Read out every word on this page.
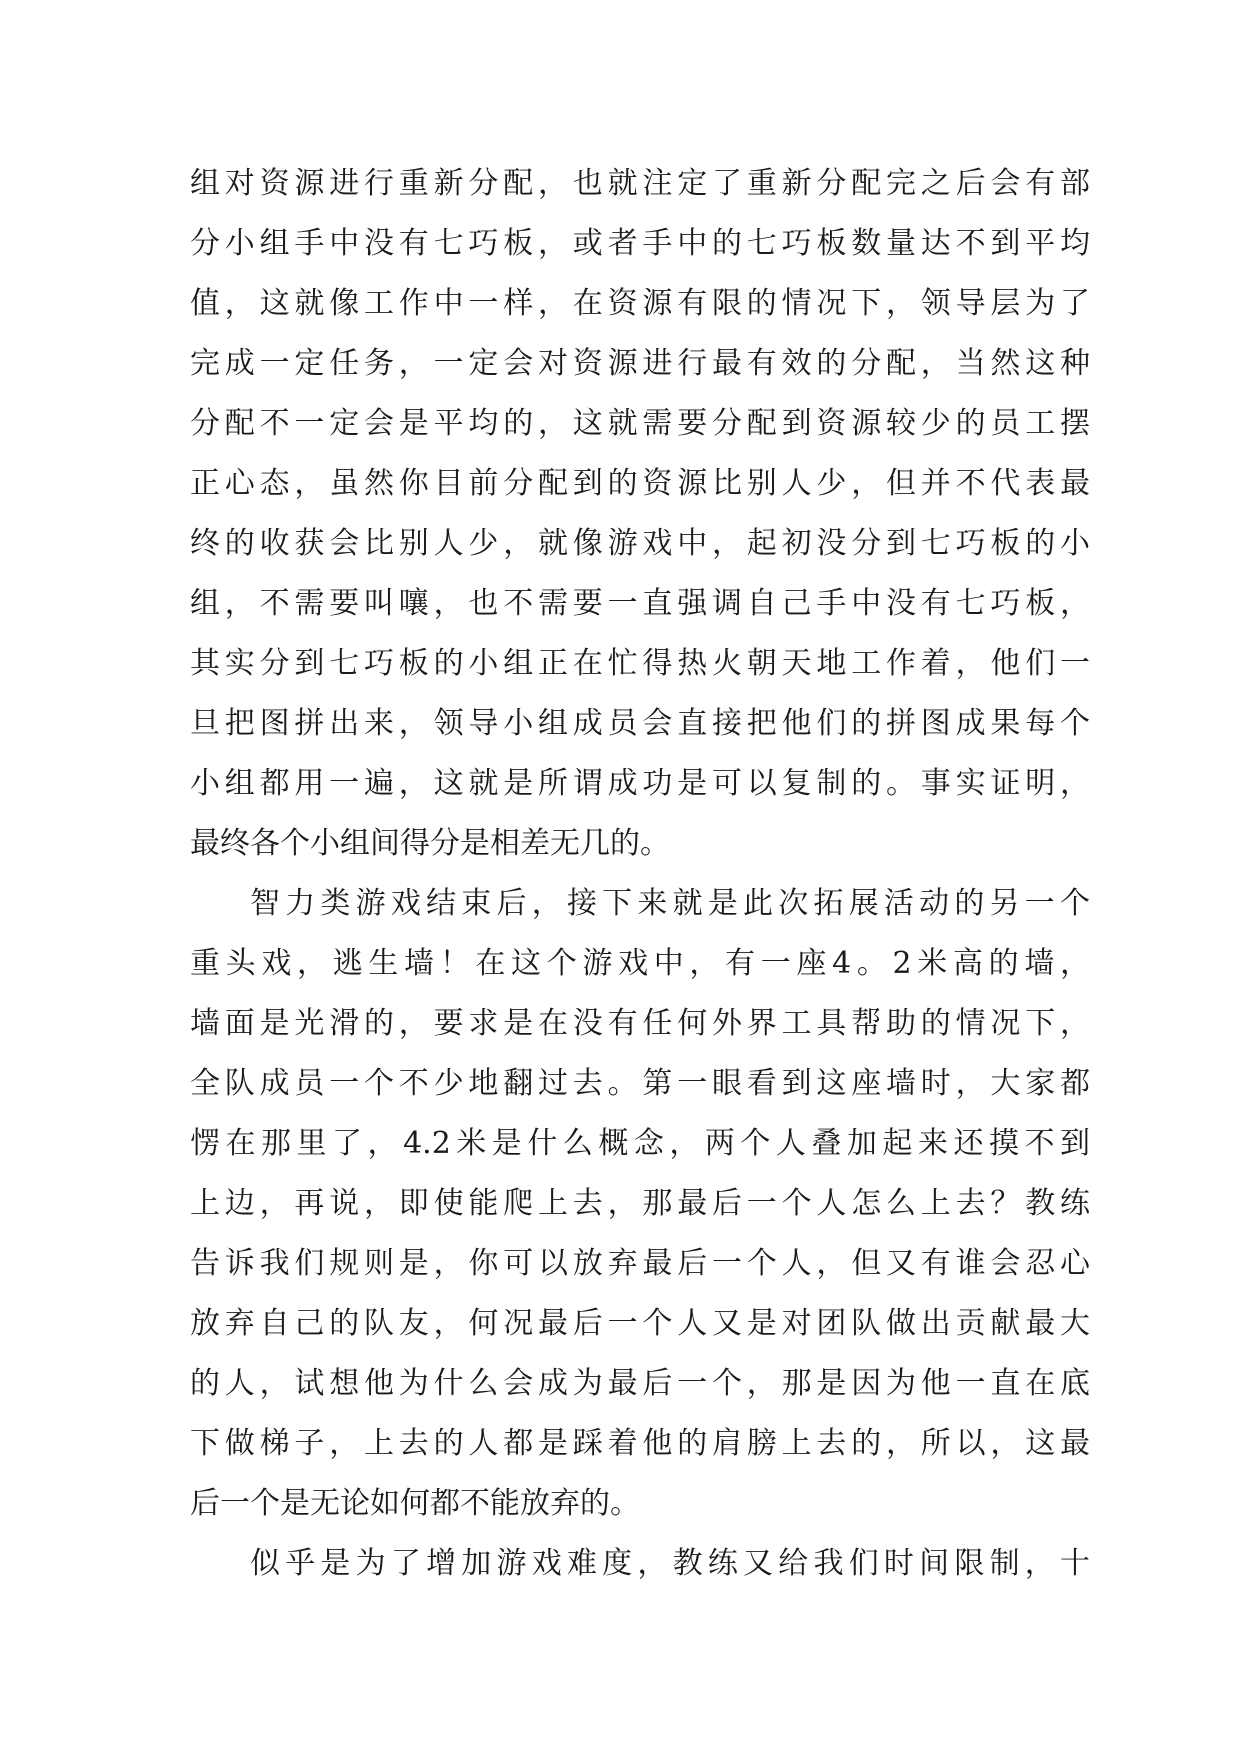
组对资源进行重新分配，也就注定了重新分配完之后会有部
分小组手中没有七巧板，或者手中的七巧板数量达不到平均
值，这就像工作中一样，在资源有限的情况下，领导层为了
完成一定任务，一定会对资源进行最有效的分配，当然这种
分配不一定会是平均的，这就需要分配到资源较少的员工摆
正心态，虽然你目前分配到的资源比别人少，但并不代表最
终的收获会比别人少，就像游戏中，起初没分到七巧板的小
组，不需要叫嚷，也不需要一直强调自己手中没有七巧板，
其实分到七巧板的小组正在忙得热火朝天地工作着，他们一
旦把图拼出来，领导小组成员会直接把他们的拼图成果每个
小组都用一遍，这就是所谓成功是可以复制的。事实证明，
最终各个小组间得分是相差无几的。
智力类游戏结束后，接下来就是此次拓展活动的另一个
重头戏，逃生墙！在这个游戏中，有一座4。2米高的墙，
墙面是光滑的，要求是在没有任何外界工具帮助的情况下，
全队成员一个不少地翻过去。第一眼看到这座墙时，大家都
愣在那里了，4.2米是什么概念，两个人叠加起来还摸不到
上边，再说，即使能爬上去，那最后一个人怎么上去？教练
告诉我们规则是，你可以放弃最后一个人，但又有谁会忍心
放弃自己的队友，何况最后一个人又是对团队做出贡献最大
的人，试想他为什么会成为最后一个，那是因为他一直在底
下做梯子，上去的人都是踩着他的肩膀上去的，所以，这最
后一个是无论如何都不能放弃的。
似乎是为了增加游戏难度，教练又给我们时间限制，十
